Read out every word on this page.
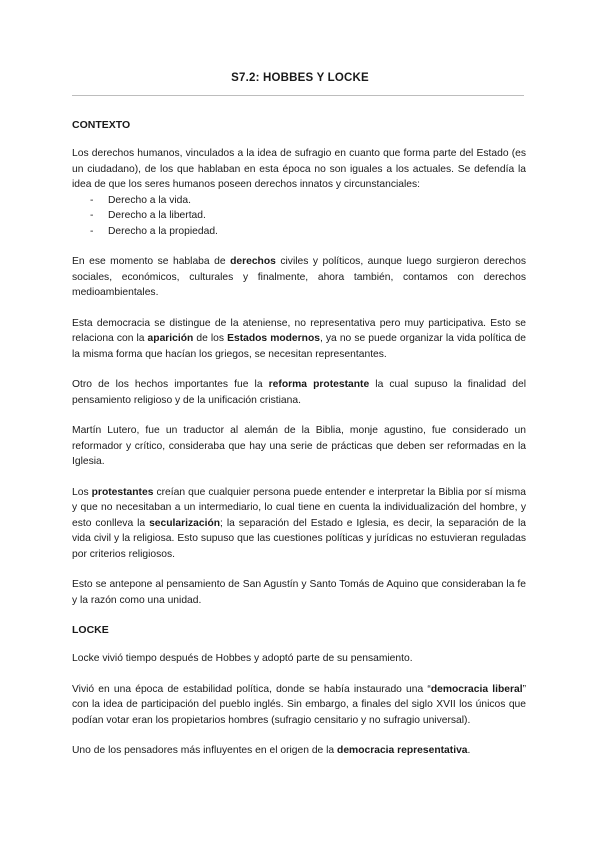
S7.2: HOBBES Y LOCKE
CONTEXTO

Los derechos humanos, vinculados a la idea de sufragio en cuanto que forma parte del Estado (es un ciudadano), de los que hablaban en esta época no son iguales a los actuales. Se defendía la idea de que los seres humanos poseen derechos innatos y circunstanciales:

- Derecho a la vida.
- Derecho a la libertad.
- Derecho a la propiedad.

En ese momento se hablaba de derechos civiles y políticos, aunque luego surgieron derechos sociales, económicos, culturales y finalmente, ahora también, contamos con derechos medioambientales.

Esta democracia se distingue de la ateniense, no representativa pero muy participativa. Esto se relaciona con la aparición de los Estados modernos, ya no se puede organizar la vida política de la misma forma que hacían los griegos, se necesitan representantes.

Otro de los hechos importantes fue la reforma protestante la cual supuso la finalidad del pensamiento religioso y de la unificación cristiana.

Martín Lutero, fue un traductor al alemán de la Biblia, monje agustino, fue considerado un reformador y crítico, consideraba que hay una serie de prácticas que deben ser reformadas en la Iglesia.

Los protestantes creían que cualquier persona puede entender e interpretar la Biblia por sí misma y que no necesitaban a un intermediario, lo cual tiene en cuenta la individualización del hombre, y esto conlleva la secularización; la separación del Estado e Iglesia, es decir, la separación de la vida civil y la religiosa. Esto supuso que las cuestiones políticas y jurídicas no estuvieran reguladas por criterios religiosos.

Esto se antepone al pensamiento de San Agustín y Santo Tomás de Aquino que consideraban la fe y la razón como una unidad.

LOCKE

Locke vivió tiempo después de Hobbes y adoptó parte de su pensamiento.

Vivió en una época de estabilidad política, donde se había instaurado una “democracia liberal” con la idea de participación del pueblo inglés. Sin embargo, a finales del siglo XVII los únicos que podían votar eran los propietarios hombres (sufragio censitario y no sufragio universal).

Uno de los pensadores más influyentes en el origen de la democracia representativa.
